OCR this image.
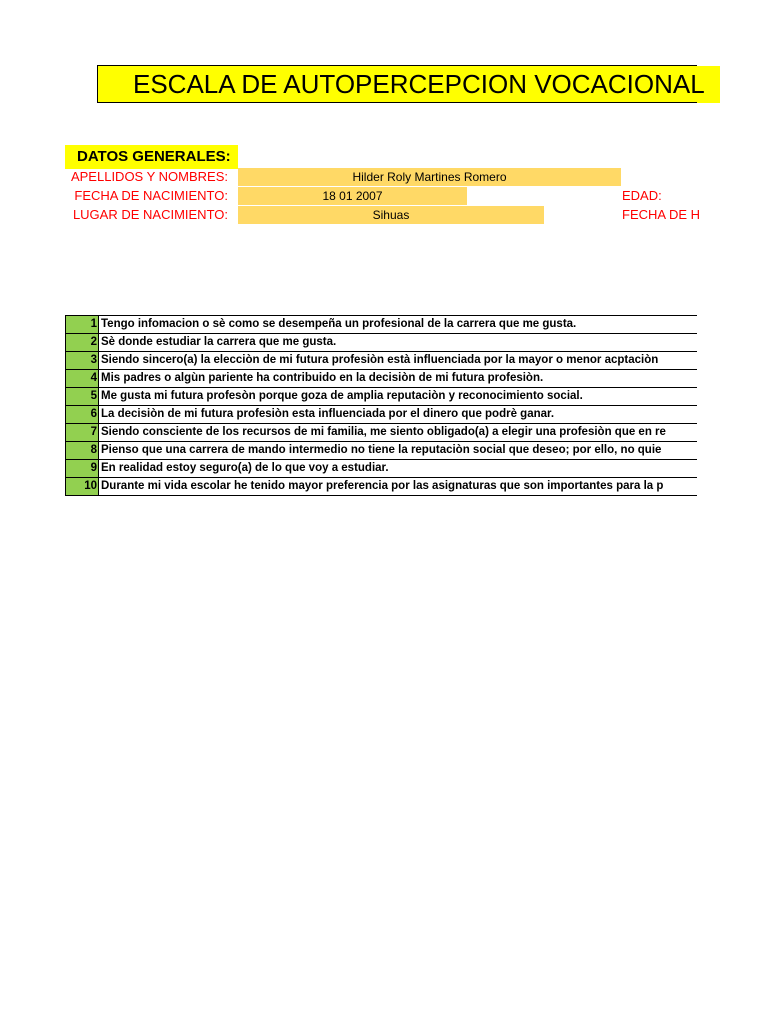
ESCALA DE AUTOPERCEPCION VOCACIONAL
DATOS GENERALES:
APELLIDOS Y NOMBRES:	Hilder Roly Martines Romero
FECHA DE NACIMIENTO:	18 01 2007	EDAD:
LUGAR DE NACIMIENTO:	Sihuas	FECHA DE H
1	Tengo infomacion o sè como se desempeña un profesional de la carrera que me gusta.
2	Sè donde estudiar la carrera que me gusta.
3	Siendo sincero(a) la elecciòn de mi futura profesiòn està influenciada por la mayor o menor acptaciòn
4	Mis padres o algùn pariente ha contribuido en la decisiòn de mi futura profesiòn.
5	Me gusta mi futura profesòn porque goza de amplia reputaciòn y reconocimiento social.
6	La decisiòn de mi futura profesiòn esta influenciada por el dinero que podrè ganar.
7	Siendo consciente de los recursos de mi familia, me siento obligado(a) a elegir una profesiòn que en re
8	Pienso que una carrera de mando intermedio no tiene la reputaciòn social que deseo; por ello, no quie
9	En realidad estoy seguro(a) de lo que voy a estudiar.
10	Durante mi vida escolar he tenido mayor preferencia por las asignaturas que son importantes para la p
